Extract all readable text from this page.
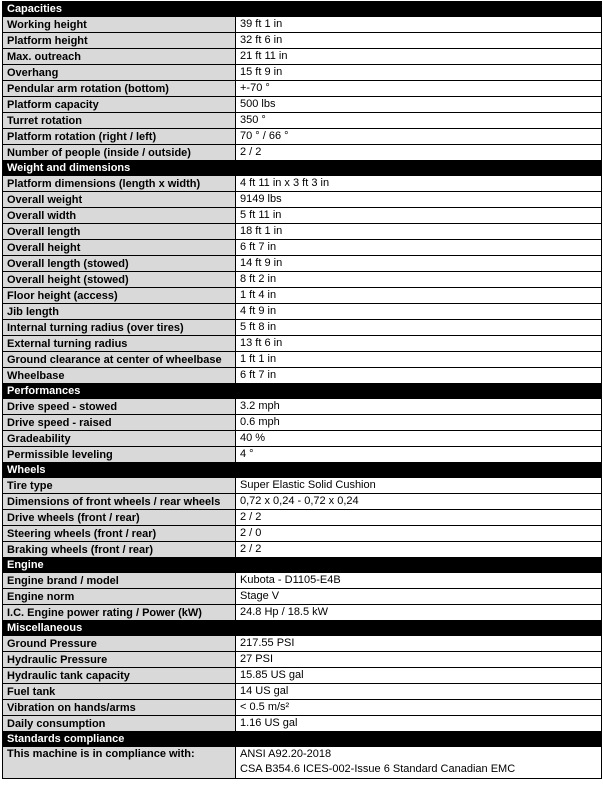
Capacities	
Working height	39 ft 1 in

Platform height	32 ft 6 in

Max. outreach	21 ft 11 in

Overhang	15 ft 9 in

Pendular arm rotation (bottom)	+-70 °

Platform capacity	500 lbs

Turret rotation	350 °

Platform rotation (right / left)	70 ° / 66 °

Number of people (inside / outside)	2 / 2

Weight and dimensions	
Platform dimensions (length x width)	4 ft 11 in x 3 ft 3 in

Overall weight	9149 lbs

Overall width	5 ft 11 in

Overall length	18 ft 1 in

Overall height	6 ft 7 in

Overall length (stowed)	14 ft 9 in

Overall height (stowed)	8 ft 2 in

Floor height (access)	1 ft 4 in

Jib length	4 ft 9 in

Internal turning radius (over tires)	5 ft 8 in

External turning radius	13 ft 6 in

Ground clearance at center of wheelbase	1 ft 1 in

Wheelbase	6 ft 7 in

Performances	
Drive speed - stowed	3.2 mph

Drive speed - raised	0.6 mph

Gradeability	40 %

Permissible leveling	4 °

Wheels	
Tire type	Super Elastic Solid Cushion

Dimensions of front wheels / rear wheels	0,72 x 0,24 - 0,72 x 0,24

Drive wheels (front / rear)	2 / 2

Steering wheels (front / rear)	2 / 0

Braking wheels (front / rear)	2 / 2

Engine	
Engine brand / model	Kubota - D1105-E4B

Engine norm	Stage V

I.C. Engine power rating / Power (kW)	24.8 Hp / 18.5 kW

Miscellaneous	
Ground Pressure	217.55 PSI

Hydraulic Pressure	27 PSI

Hydraulic tank capacity	15.85 US gal

Fuel tank	14 US gal

Vibration on hands/arms	< 0.5 m/s²

Daily consumption	1.16 US gal

Standards compliance	
This machine is in compliance with:	ANSI A92.20-2018
CSA B354.6 ICES-002-Issue 6 Standard Canadian EMC
